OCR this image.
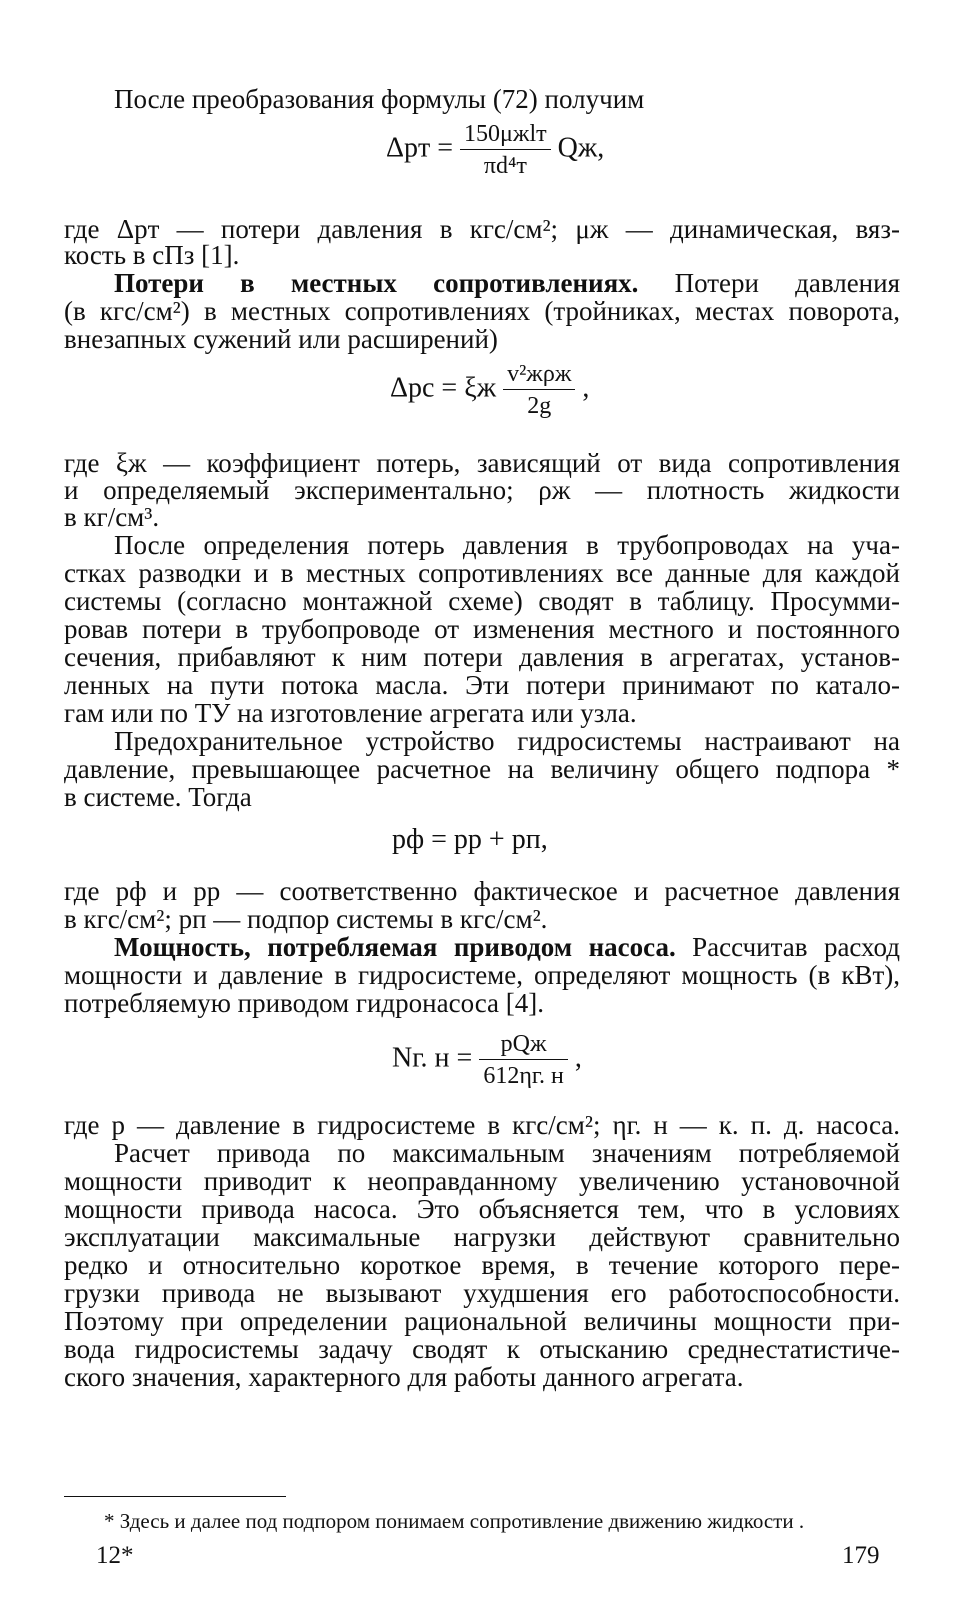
После преобразования формулы (72) получим
$\Delta pт = \frac{\text{150μжlт}}{\text{πd⁴т}}$ Qж,
где Δpт — потери давления в кгс/см²; μж — динамическая, вяз-
кость в сПз [1].
Потери в местных сопротивлениях. Потери давления
(в кгс/см²) в местных сопротивлениях (тройниках, местах поворота,
внезапных сужений или расширений)
Δpс = ξж $\frac{\text{v²жρж}}{2g}$ ,
где ξж — коэффициент потерь, зависящий от вида сопротивления
и определяемый экспериментально; ρж — плотность жидкости
в кг/см³.
После определения потерь давления в трубопроводах на уча-
стках разводки и в местных сопротивлениях все данные для каждой
системы (согласно монтажной схеме) сводят в таблицу. Просумми-
ровав потери в трубопроводе от изменения местного и постоянного
сечения, прибавляют к ним потери давления в агрегатах, установ-
ленных на пути потока масла. Эти потери принимают по катало-
гам или по ТУ на изготовление агрегата или узла.
Предохранительное устройство гидросистемы настраивают на
давление, превышающее расчетное на величину общего подпора *
в системе. Тогда
pф = pр + pп,
где pф и pр — соответственно фактическое и расчетное давления
в кгс/см²; pп — подпор системы в кгс/см².
Мощность, потребляемая приводом насоса. Рассчитав расход
мощности и давление в гидросистеме, определяют мощность (в кВт),
потребляемую приводом гидронасоса [4].
Nг. $н = \frac{\text{pQж}}{612\eta г. н}$ ,
где p — давление в гидросистеме в кгс/см²; ηг. н — к. п. д. насоса.
Расчет привода по максимальным значениям потребляемой
мощности приводит к неоправданному увеличению установочной
мощности привода насоса. Это объясняется тем, что в условиях
эксплуатации максимальные нагрузки действуют сравнительно
редко и относительно короткое время, в течение которого пере-
грузки привода не вызывают ухудшения его работоспособности.
Поэтому при определении рациональной величины мощности при-
вода гидросистемы задачу сводят к отысканию среднестатистиче-
ского значения, характерного для работы данного агрегата.
* Здесь и далее под подпором понимаем сопротивление движению жидкости .
12*	179
